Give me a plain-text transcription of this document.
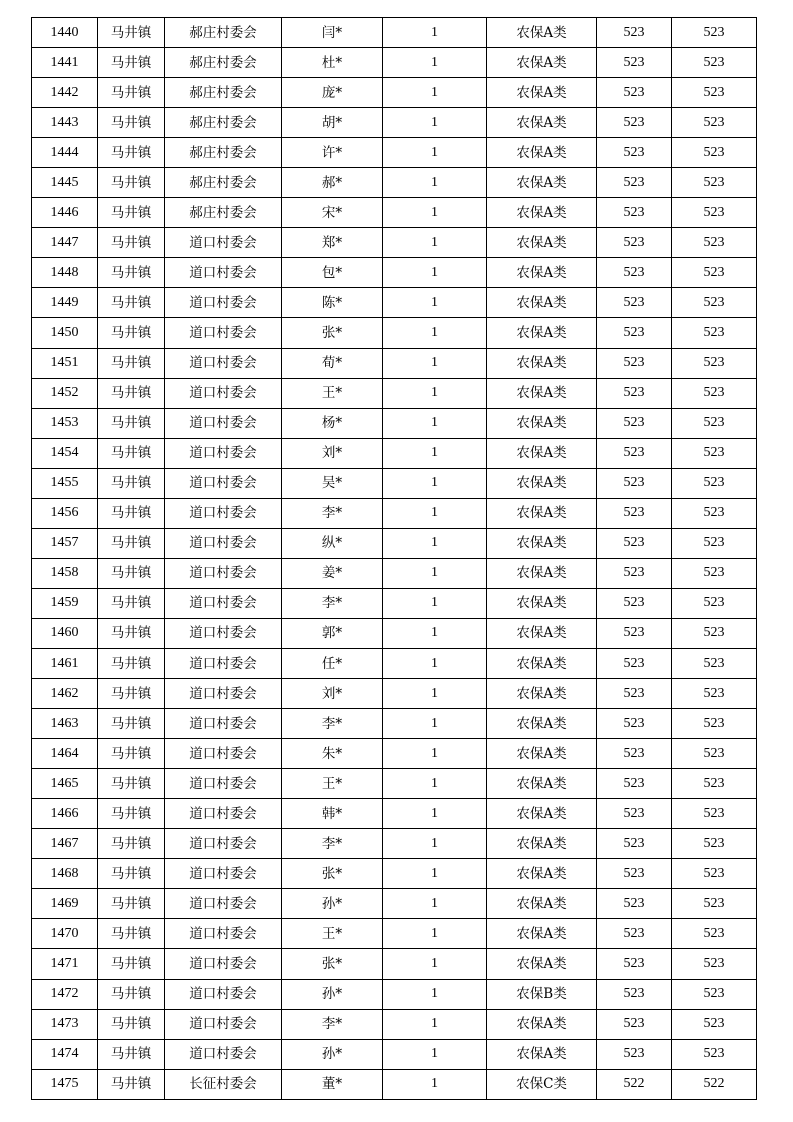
1440	马井镇	郝庄村委会	闫*	1	农保A类	523	523
1441	马井镇	郝庄村委会	杜*	1	农保A类	523	523
1442	马井镇	郝庄村委会	庞*	1	农保A类	523	523
1443	马井镇	郝庄村委会	胡*	1	农保A类	523	523
1444	马井镇	郝庄村委会	许*	1	农保A类	523	523
1445	马井镇	郝庄村委会	郝*	1	农保A类	523	523
1446	马井镇	郝庄村委会	宋*	1	农保A类	523	523
1447	马井镇	道口村委会	郑*	1	农保A类	523	523
1448	马井镇	道口村委会	包*	1	农保A类	523	523
1449	马井镇	道口村委会	陈*	1	农保A类	523	523
1450	马井镇	道口村委会	张*	1	农保A类	523	523
1451	马井镇	道口村委会	荀*	1	农保A类	523	523
1452	马井镇	道口村委会	王*	1	农保A类	523	523
1453	马井镇	道口村委会	杨*	1	农保A类	523	523
1454	马井镇	道口村委会	刘*	1	农保A类	523	523
1455	马井镇	道口村委会	吴*	1	农保A类	523	523
1456	马井镇	道口村委会	李*	1	农保A类	523	523
1457	马井镇	道口村委会	纵*	1	农保A类	523	523
1458	马井镇	道口村委会	姜*	1	农保A类	523	523
1459	马井镇	道口村委会	李*	1	农保A类	523	523
1460	马井镇	道口村委会	郭*	1	农保A类	523	523
1461	马井镇	道口村委会	任*	1	农保A类	523	523
1462	马井镇	道口村委会	刘*	1	农保A类	523	523
1463	马井镇	道口村委会	李*	1	农保A类	523	523
1464	马井镇	道口村委会	朱*	1	农保A类	523	523
1465	马井镇	道口村委会	王*	1	农保A类	523	523
1466	马井镇	道口村委会	韩*	1	农保A类	523	523
1467	马井镇	道口村委会	李*	1	农保A类	523	523
1468	马井镇	道口村委会	张*	1	农保A类	523	523
1469	马井镇	道口村委会	孙*	1	农保A类	523	523
1470	马井镇	道口村委会	王*	1	农保A类	523	523
1471	马井镇	道口村委会	张*	1	农保A类	523	523
1472	马井镇	道口村委会	孙*	1	农保B类	523	523
1473	马井镇	道口村委会	李*	1	农保A类	523	523
1474	马井镇	道口村委会	孙*	1	农保A类	523	523
1475	马井镇	长征村委会	董*	1	农保C类	522	522
